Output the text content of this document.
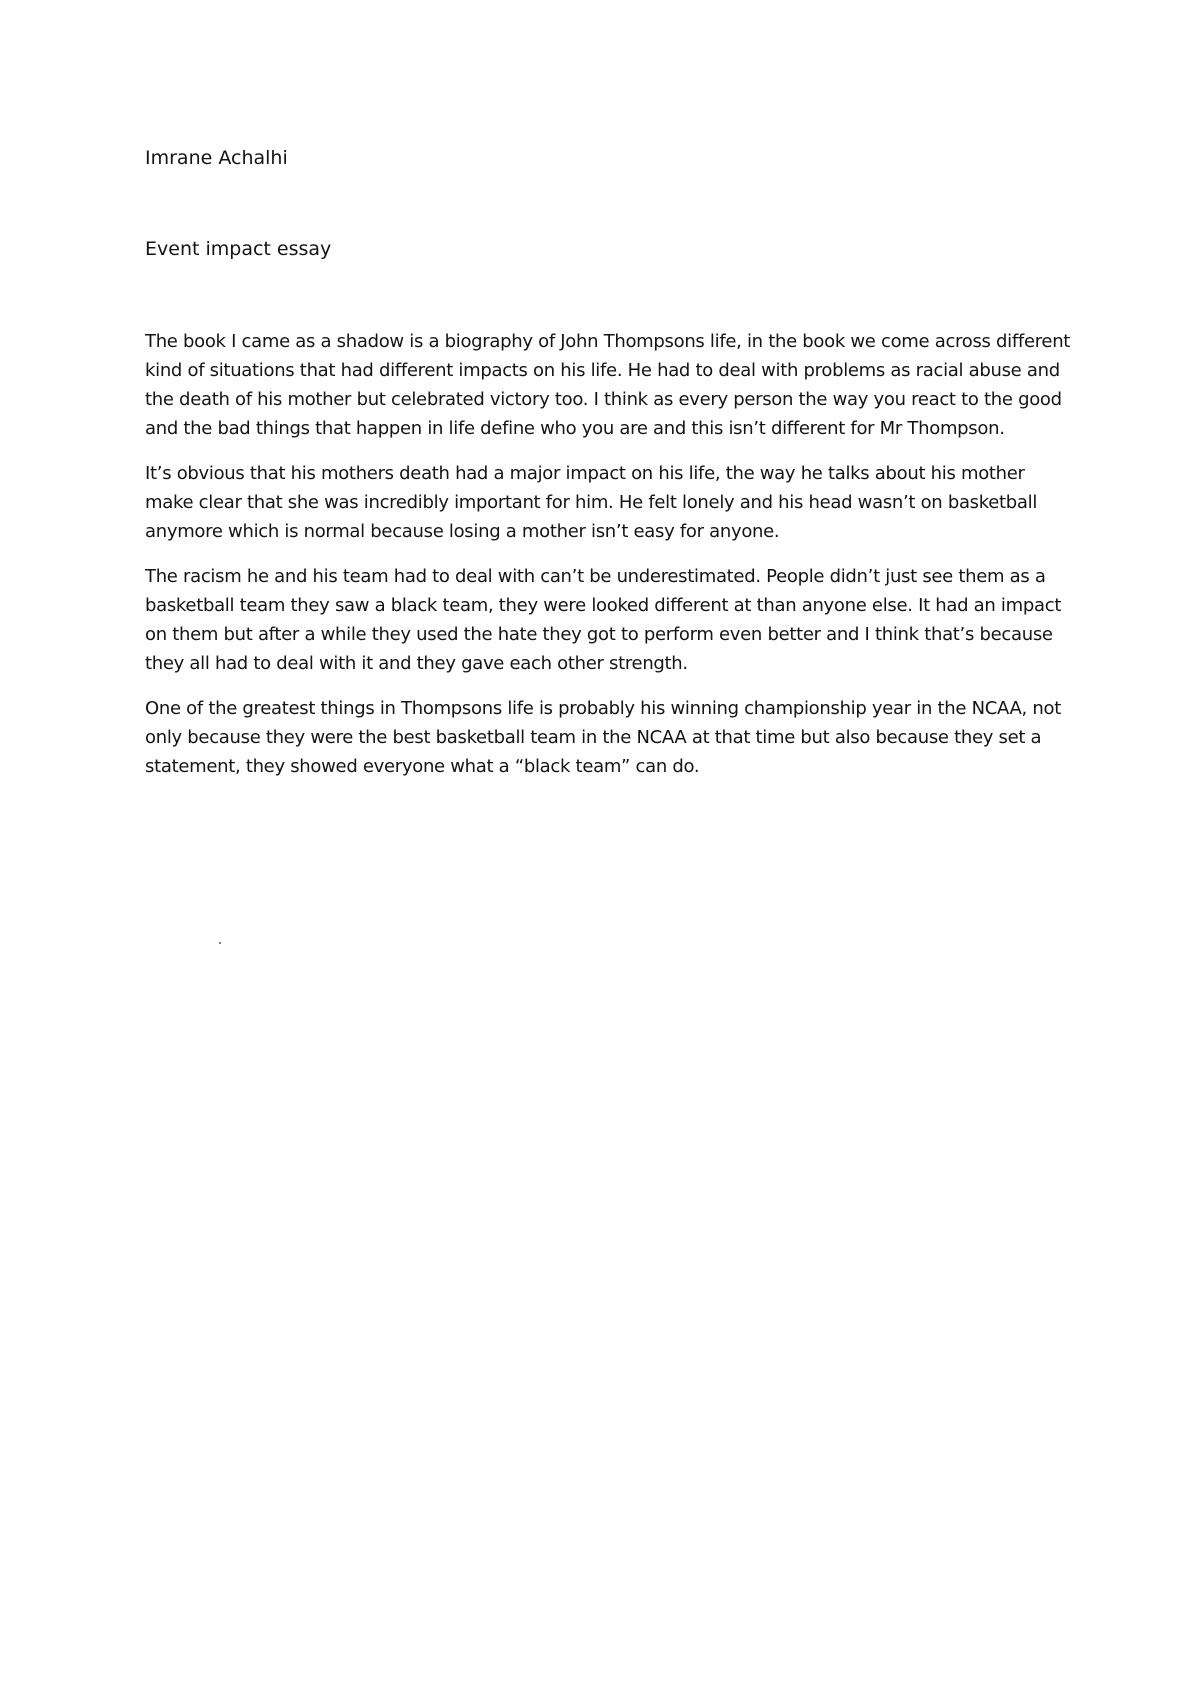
Imrane Achalhi

Event impact essay

The book I came as a shadow is a biography of John Thompsons life, in the book we come across different kind of situations that had different impacts on his life. He had to deal with problems as racial abuse and the death of his mother but celebrated victory too. I think as every person the way you react to the good and the bad things that happen in life define who you are and this isn’t different for Mr Thompson.

It’s obvious that his mothers death had a major impact on his life, the way he talks about his mother make clear that she was incredibly important for him. He felt lonely and his head wasn’t on basketball anymore which is normal because losing a mother isn’t easy for anyone.

The racism he and his team had to deal with can’t be underestimated. People didn’t just see them as a basketball team they saw a black team, they were looked different at than anyone else. It had an impact on them but after a while they used the hate they got to perform even better and I think that’s because they all had to deal with it and they gave each other strength.

One of the greatest things in Thompsons life is probably his winning championship year in the NCAA, not only because they were the best basketball team in the NCAA at that time but also because they set a statement, they showed everyone what a “black team” can do.
